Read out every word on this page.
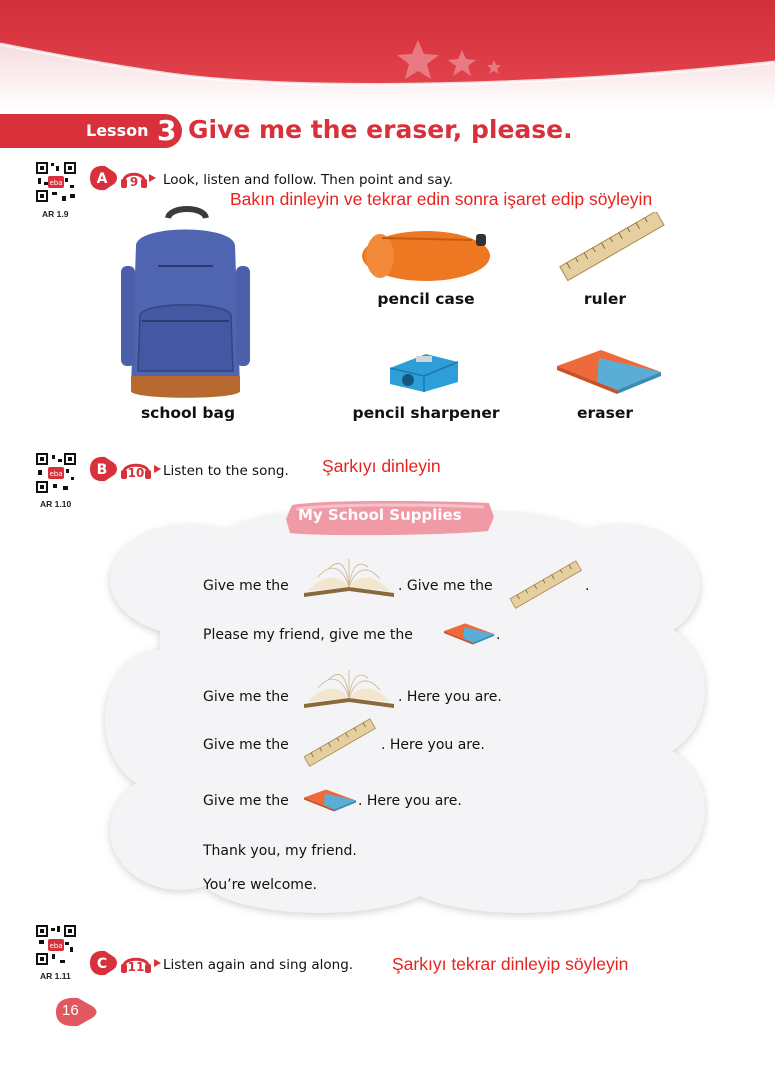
Lesson 3 Give me the eraser, please.
eba
AR 1.9
A 9 Look, listen and follow. Then point and say.
Bakın dinleyin ve tekrar edin sonra işaret edip söyleyin
school bag
pencil case	ruler
pencil sharpener	eraser
eba
AR 1.10
B 10 Listen to the song. Şarkıyı dinleyin
My School Supplies
Give me the	. Give me the	.
Please my friend, give me the	.
Give me the	. Here you are.
Give me the	. Here you are.
Give me the	. Here you are.
Thank you, my friend.
You’re welcome.
eba
AR 1.11
C 11 Listen again and sing along. Şarkıyı tekrar dinleyip söyleyin
16
